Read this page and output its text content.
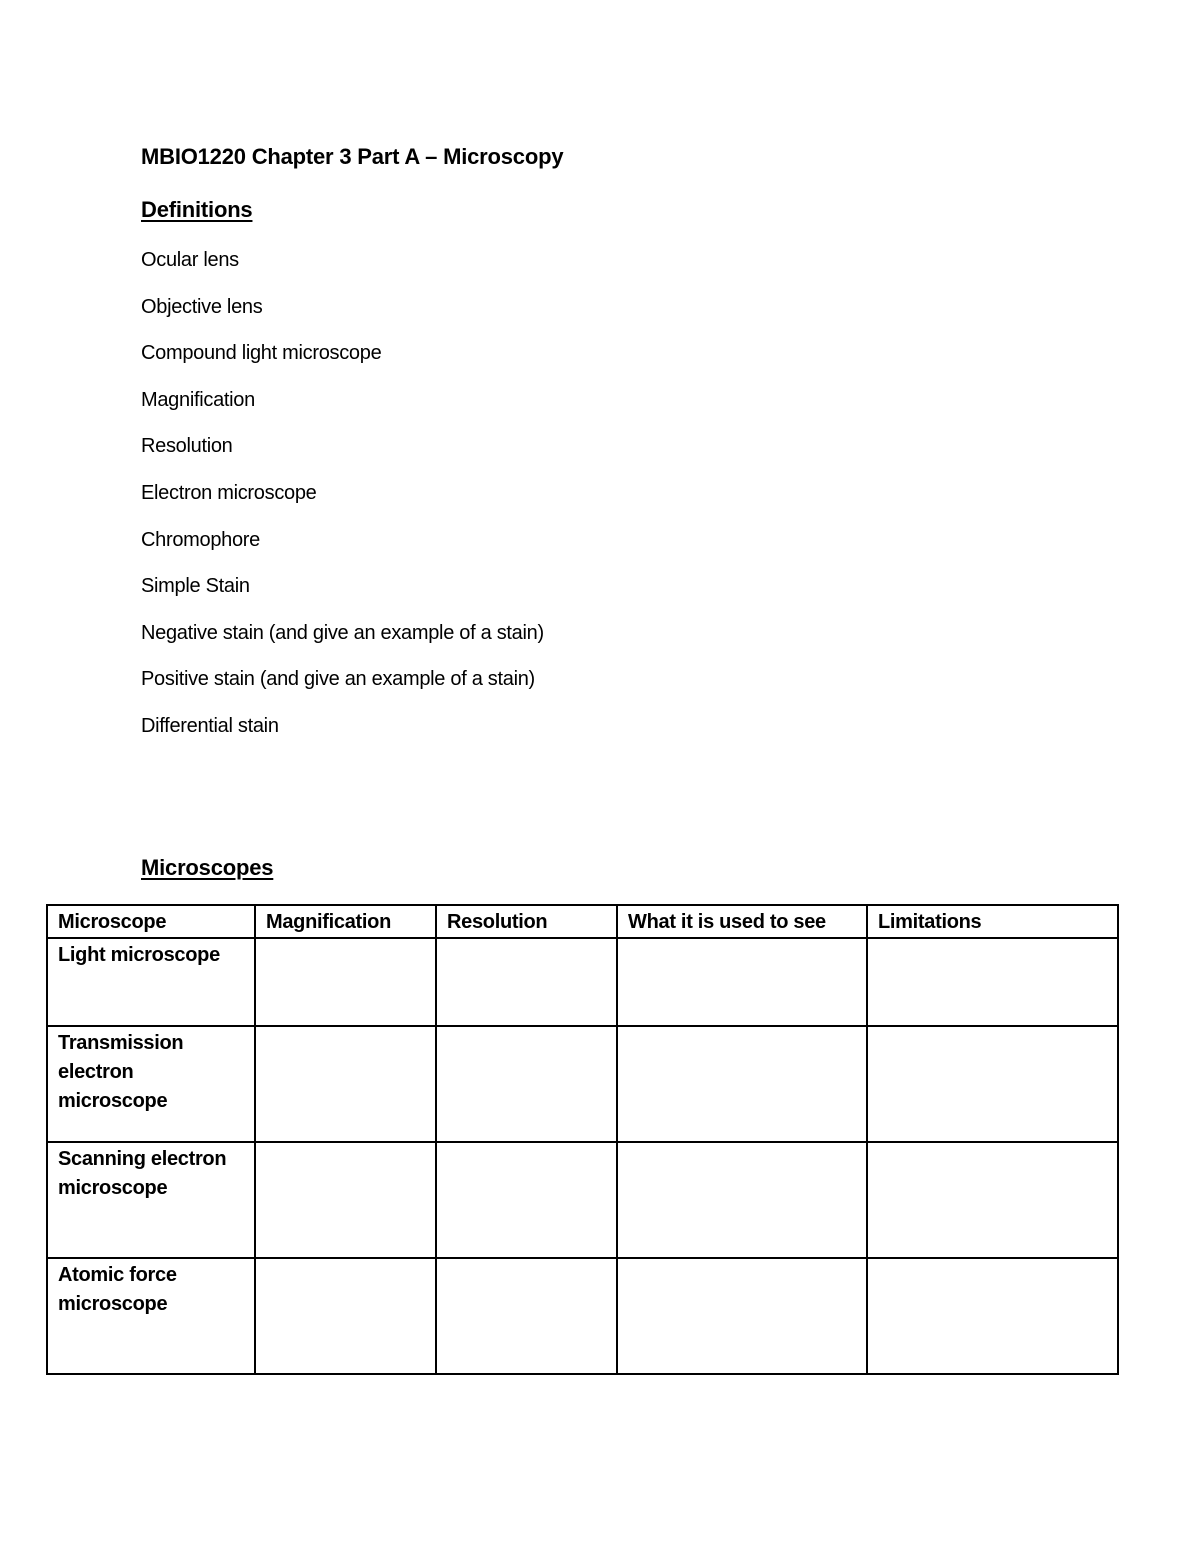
MBIO1220 Chapter 3 Part A – Microscopy
Definitions
Ocular lens
Objective lens
Compound light microscope
Magnification
Resolution
Electron microscope
Chromophore
Simple Stain
Negative stain (and give an example of a stain)
Positive stain (and give an example of a stain)
Differential stain
Microscopes
Microscope	Magnification	Resolution	What it is used to see	Limitations
Light microscope				
Transmission electron microscope				
Scanning electron microscope				
Atomic force microscope				
